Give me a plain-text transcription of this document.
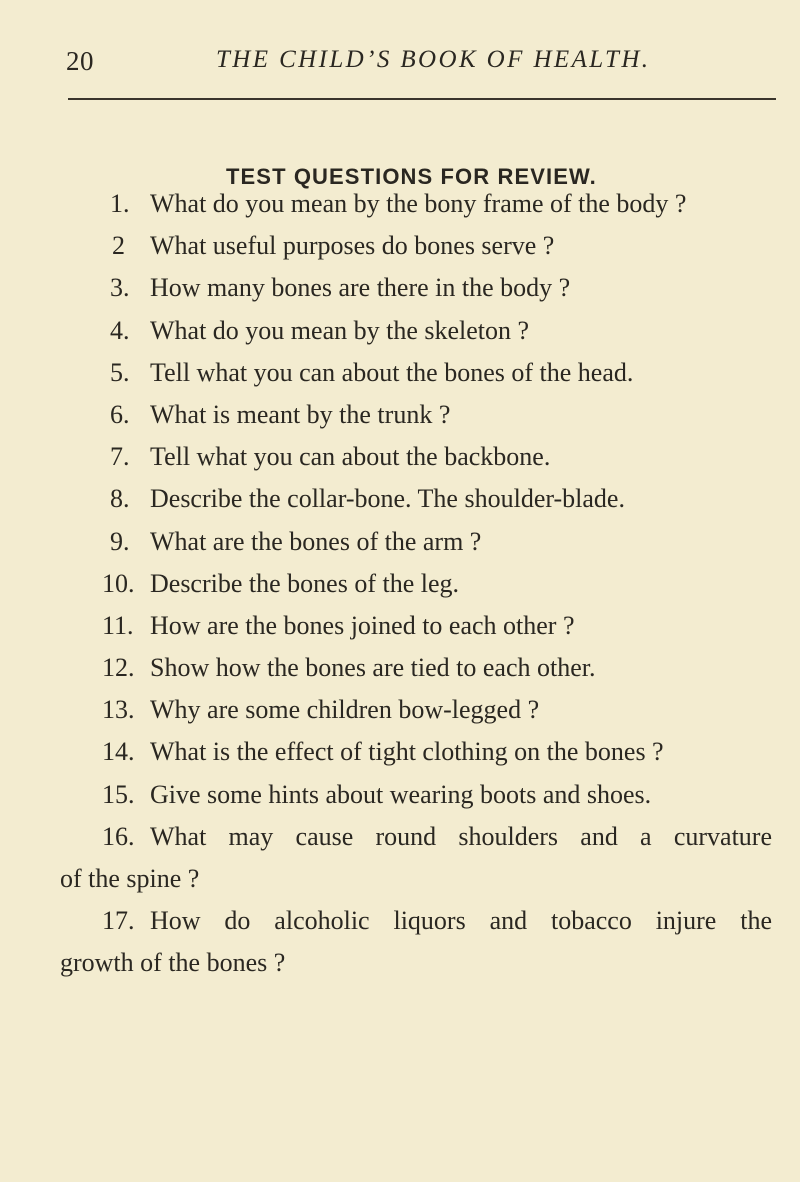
20	THE CHILD’S BOOK OF HEALTH.
TEST QUESTIONS FOR REVIEW.
1. What do you mean by the bony frame of the body ?
2 What useful purposes do bones serve ?
3. How many bones are there in the body ?
4. What do you mean by the skeleton ?
5. Tell what you can about the bones of the head.
6. What is meant by the trunk ?
7. Tell what you can about the backbone.
8. Describe the collar-bone. The shoulder-blade.
9. What are the bones of the arm ?
10. Describe the bones of the leg.
11. How are the bones joined to each other ?
12. Show how the bones are tied to each other.
13. Why are some children bow-legged ?
14. What is the effect of tight clothing on the bones ?
15. Give some hints about wearing boots and shoes.
16. What may cause round shoulders and a curvature
of the spine ?
17. How do alcoholic liquors and tobacco injure the
growth of the bones ?
